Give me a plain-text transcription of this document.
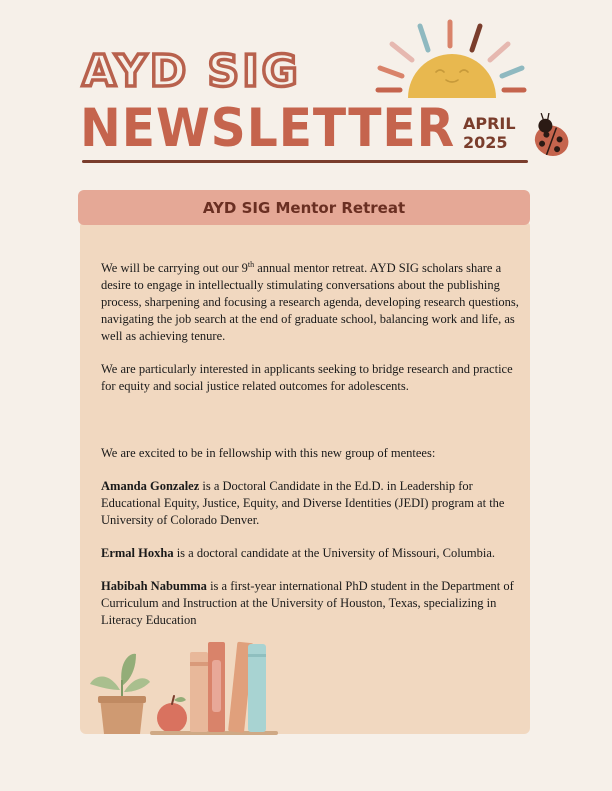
AYD SIG
NEWSLETTER APRIL
2025
AYD SIG Mentor Retreat

We will be carrying out our 9th annual mentor retreat. AYD SIG scholars share a desire to engage in intellectually stimulating conversations about the publishing process, sharpening and focusing a research agenda, developing research questions, navigating the job search at the end of graduate school, balancing work and life, as well as achieving tenure.

We are particularly interested in applicants seeking to bridge research and practice for equity and social justice related outcomes for adolescents.

We are excited to be in fellowship with this new group of mentees:

Amanda Gonzalez is a Doctoral Candidate in the Ed.D. in Leadership for Educational Equity, Justice, Equity, and Diverse Identities (JEDI) program at the University of Colorado Denver.

Ermal Hoxha is a doctoral candidate at the University of Missouri, Columbia.

Habibah Nabumma is a first-year international PhD student in the Department of Curriculum and Instruction at the University of Houston, Texas, specializing in Literacy Education
